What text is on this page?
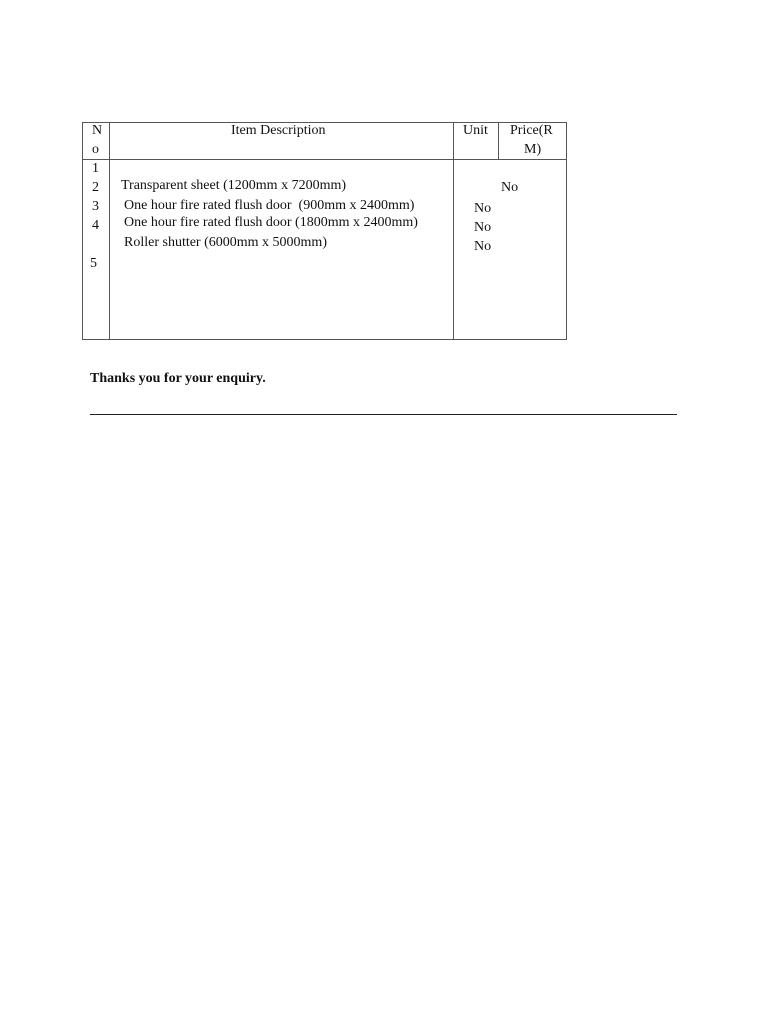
N
o
Item Description	Unit Price(R
M)
1
2
3
4
5
Transparent sheet (1200mm x 7200mm)
One hour fire rated flush door  (900mm x 2400mm)
One hour fire rated flush door (1800mm x 2400mm)
Roller shutter (6000mm x 5000mm)
No
No
No
No
Thanks you for your enquiry.
